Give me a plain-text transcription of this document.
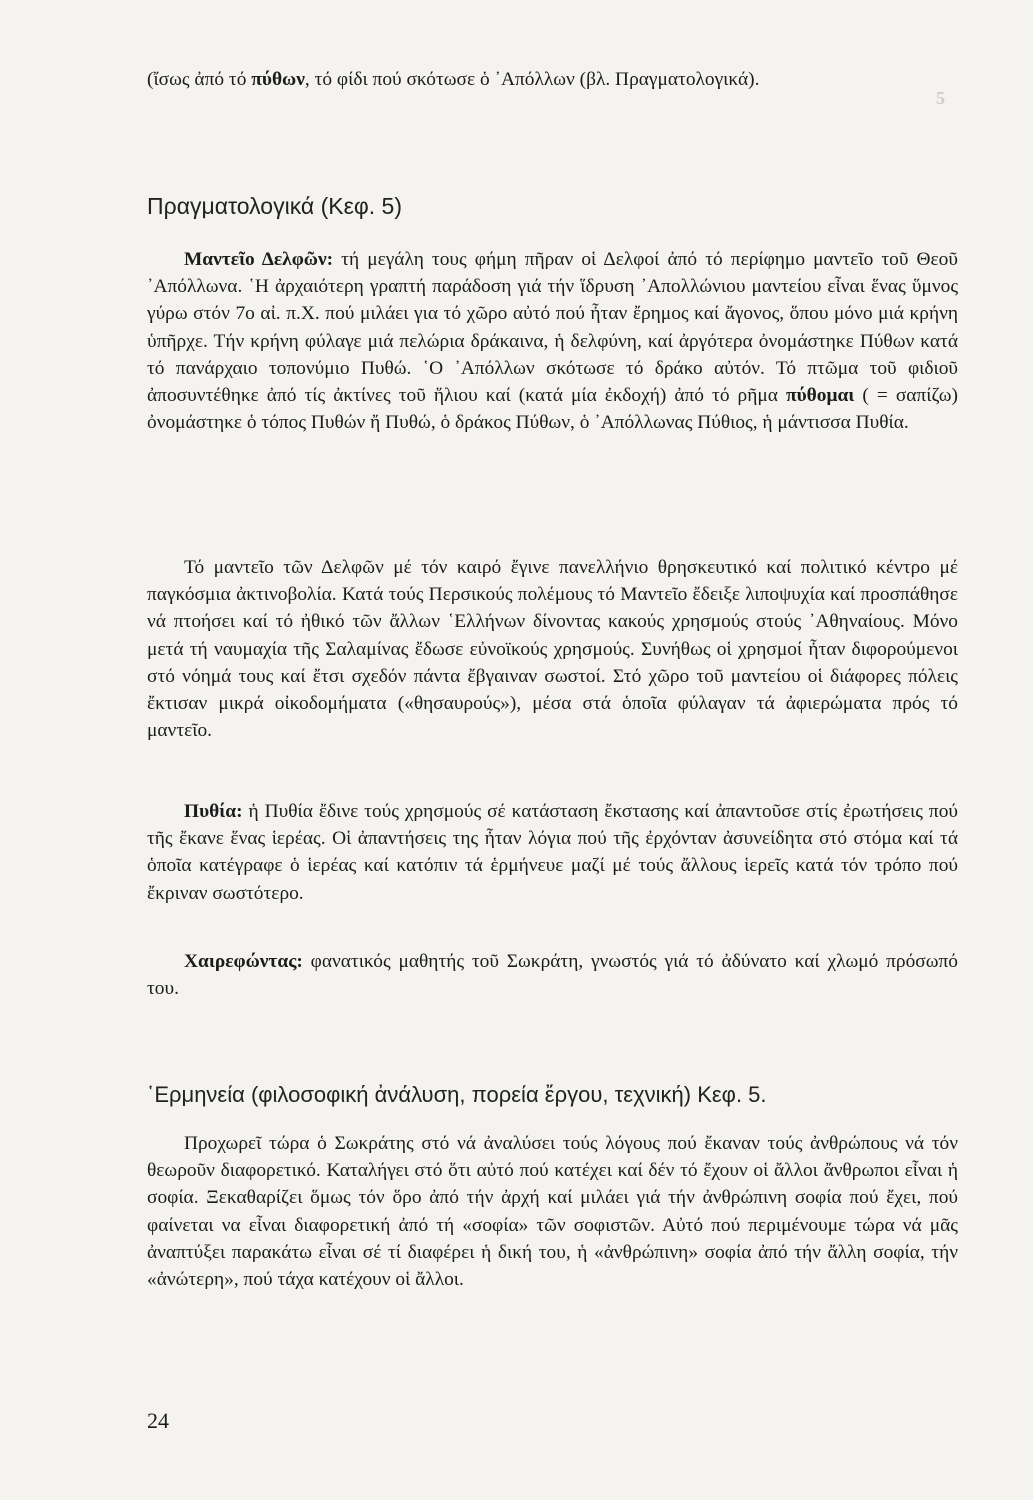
5

(ἴσως ἀπό τό πύθων, τό φίδι πού σκότωσε ὁ ᾿Απόλλων (βλ. Πραγματολογικά).

Πραγματολογικά (Κεφ. 5)

Μαντεῖο Δελφῶν: τή μεγάλη τους φήμη πῆραν οἱ Δελφοί ἀπό τό περίφημο μαντεῖο τοῦ Θεοῦ ᾿Απόλλωνα. ῾Η ἀρχαιότερη γραπτή παράδοση γιά τήν ἵδρυση ᾿Απολλώνιου μαντείου εἶναι ἕνας ὕμνος γύρω στόν 7ο αἰ. π.Χ. πού μιλάει για τό χῶρο αὐτό πού ἦταν ἔρημος καί ἄγονος, ὅπου μόνο μιά κρήνη ὑπῆρχε. Τήν κρήνη φύλαγε μιά πελώρια δράκαινα, ἡ δελφύνη, καί ἀργότερα ὀνομάστηκε Πύθων κατά τό πανάρχαιο τοπονύμιο Πυθώ. ῾Ο ᾿Απόλλων σκότωσε τό δράκο αὐτόν. Τό πτῶμα τοῦ φιδιοῦ ἀποσυντέθηκε ἀπό τίς ἀκτίνες τοῦ ἥλιου καί (κατά μία ἐκδοχή) ἀπό τό ρῆμα πύθομαι ( = σαπίζω) ὀνομάστηκε ὁ τόπος Πυθών ἤ Πυθώ, ὁ δράκος Πύθων, ὁ ᾿Απόλλωνας Πύθιος, ἡ μάντισσα Πυθία.

Τό μαντεῖο τῶν Δελφῶν μέ τόν καιρό ἔγινε πανελλήνιο θρησκευτικό καί πολιτικό κέντρο μέ παγκόσμια ἀκτινοβολία. Κατά τούς Περσικούς πολέμους τό Μαντεῖο ἔδειξε λιποψυχία καί προσπάθησε νά πτοήσει καί τό ἠθικό τῶν ἄλλων ῾Ελλήνων δίνοντας κακούς χρησμούς στούς ᾿Αθηναίους. Μόνο μετά τή ναυμαχία τῆς Σαλαμίνας ἔδωσε εὐνοϊκούς χρησμούς. Συνήθως οἱ χρησμοί ἦταν διφορούμενοι στό νόημά τους καί ἔτσι σχεδόν πάντα ἔβγαιναν σωστοί. Στό χῶρο τοῦ μαντείου οἱ διάφορες πόλεις ἔκτισαν μικρά οἰκοδομήματα («θησαυρούς»), μέσα στά ὁποῖα φύλαγαν τά ἀφιερώματα πρός τό μαντεῖο.

Πυθία: ἡ Πυθία ἔδινε τούς χρησμούς σέ κατάσταση ἔκστασης καί ἀπαντοῦσε στίς ἐρωτήσεις πού τῆς ἔκανε ἕνας ἱερέας. Οἱ ἀπαντήσεις της ἦταν λόγια πού τῆς ἐρχόνταν ἀσυνείδητα στό στόμα καί τά ὁποῖα κατέγραφε ὁ ἱερέας καί κατόπιν τά ἑρμήνευε μαζί μέ τούς ἄλλους ἱερεῖς κατά τόν τρόπο πού ἔκριναν σωστότερο.

Χαιρεφώντας: φανατικός μαθητής τοῦ Σωκράτη, γνωστός γιά τό ἀδύνατο καί χλωμό πρόσωπό του.

῾Ερμηνεία (φιλοσοφική ἀνάλυση, πορεία ἔργου, τεχνική) Κεφ. 5.

Προχωρεῖ τώρα ὁ Σωκράτης στό νά ἀναλύσει τούς λόγους πού ἔκαναν τούς ἀνθρώπους νά τόν θεωροῦν διαφορετικό. Καταλήγει στό ὅτι αὐτό πού κατέχει καί δέν τό ἔχουν οἱ ἄλλοι ἄνθρωποι εἶναι ἡ σοφία. Ξεκαθαρίζει ὅμως τόν ὅρο ἀπό τήν ἀρχή καί μιλάει γιά τήν ἀνθρώπινη σοφία πού ἔχει, πού φαίνεται να εἶναι διαφορετική ἀπό τή «σοφία» τῶν σοφιστῶν. Αὐτό πού περιμένουμε τώρα νά μᾶς ἀναπτύξει παρακάτω εἶναι σέ τί διαφέρει ἡ δική του, ἡ «ἀνθρώπινη» σοφία ἀπό τήν ἄλλη σοφία, τήν «ἀνώτερη», πού τάχα κατέχουν οἱ ἄλλοι.

24
